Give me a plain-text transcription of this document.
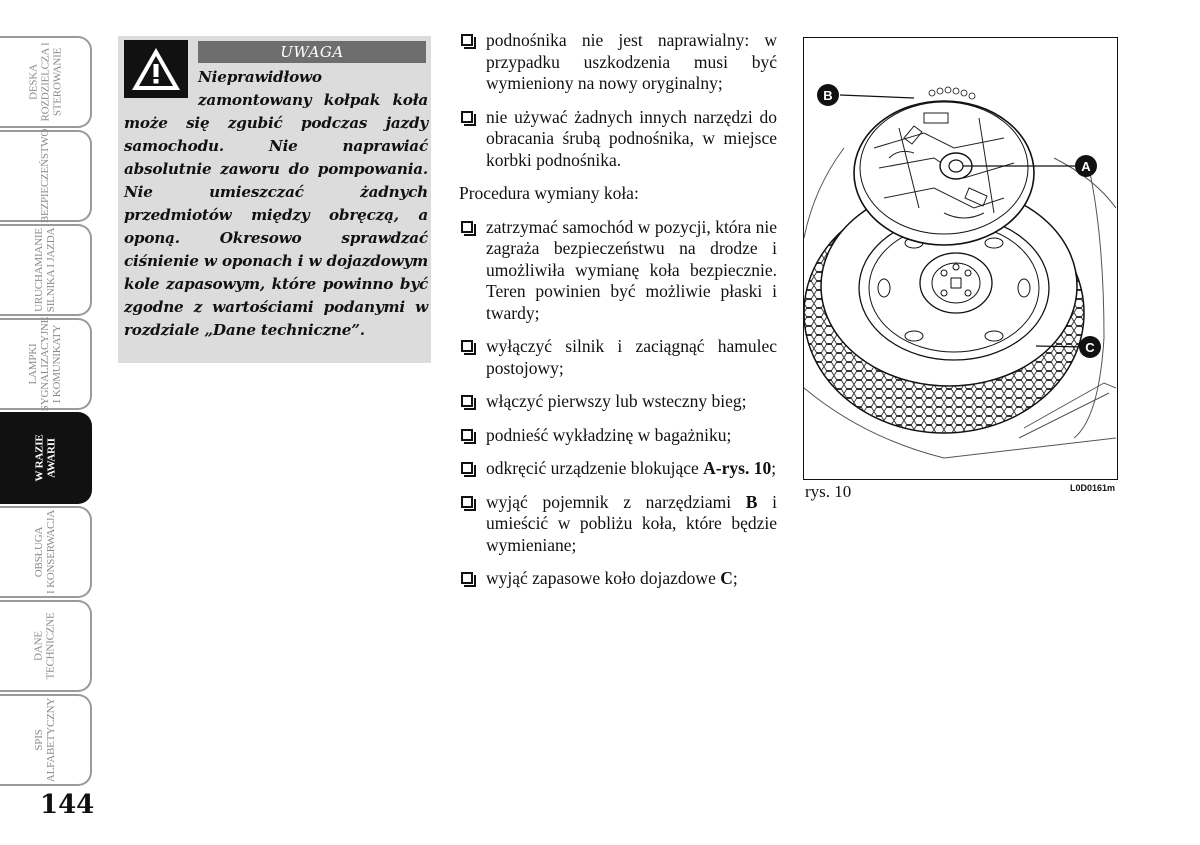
DESKA
ROZDZIELCZA I
STEROWANIE
BEZPIECZEŃSTWO
URUCHAMIANIE
SILNIKA I JAZDA
LAMPKI
SYGNALIZACYJNE
I KOMUNIKATY
W RAZIE
AWARII
OBSŁUGA
I KONSERWACJA
DANE
TECHNICZNE
SPIS
ALFABETYCZNY
144
UWAGA
Nieprawidłowo zamontowany kołpak koła może się zgubić podczas jazdy samochodu. Nie naprawiać absolutnie zaworu do pompowania. Nie umieszczać żadnych przedmiotów między obręczą, a oponą. Okresowo sprawdzać ciśnienie w oponach i w dojazdowym kole zapasowym, które powinno być zgodne z wartościami podanymi w rozdziale „Dane techniczne”.
podnośnika nie jest naprawialny: w przypadku uszkodzenia musi być wymieniony na nowy oryginalny;
nie używać żadnych innych narzędzi do obracania śrubą podnośnika, w miejsce korbki podnośnika.

Procedura wymiany koła:

zatrzymać samochód w pozycji, która nie zagraża bezpieczeństwu na drodze i umożliwiła wymianę koła bezpiecznie. Teren powinien być możliwie płaski i twardy;
wyłączyć silnik i zaciągnąć hamulec postojowy;
włączyć pierwszy lub wsteczny bieg;
podnieść wykładzinę w bagażniku;
odkręcić urządzenie blokujące A-rys. 10;
wyjąć pojemnik z narzędziami B i umieścić w pobliżu koła, które będzie wymieniane;
wyjąć zapasowe koło dojazdowe C;
B
A
C
rys. 10	L0D0161m
